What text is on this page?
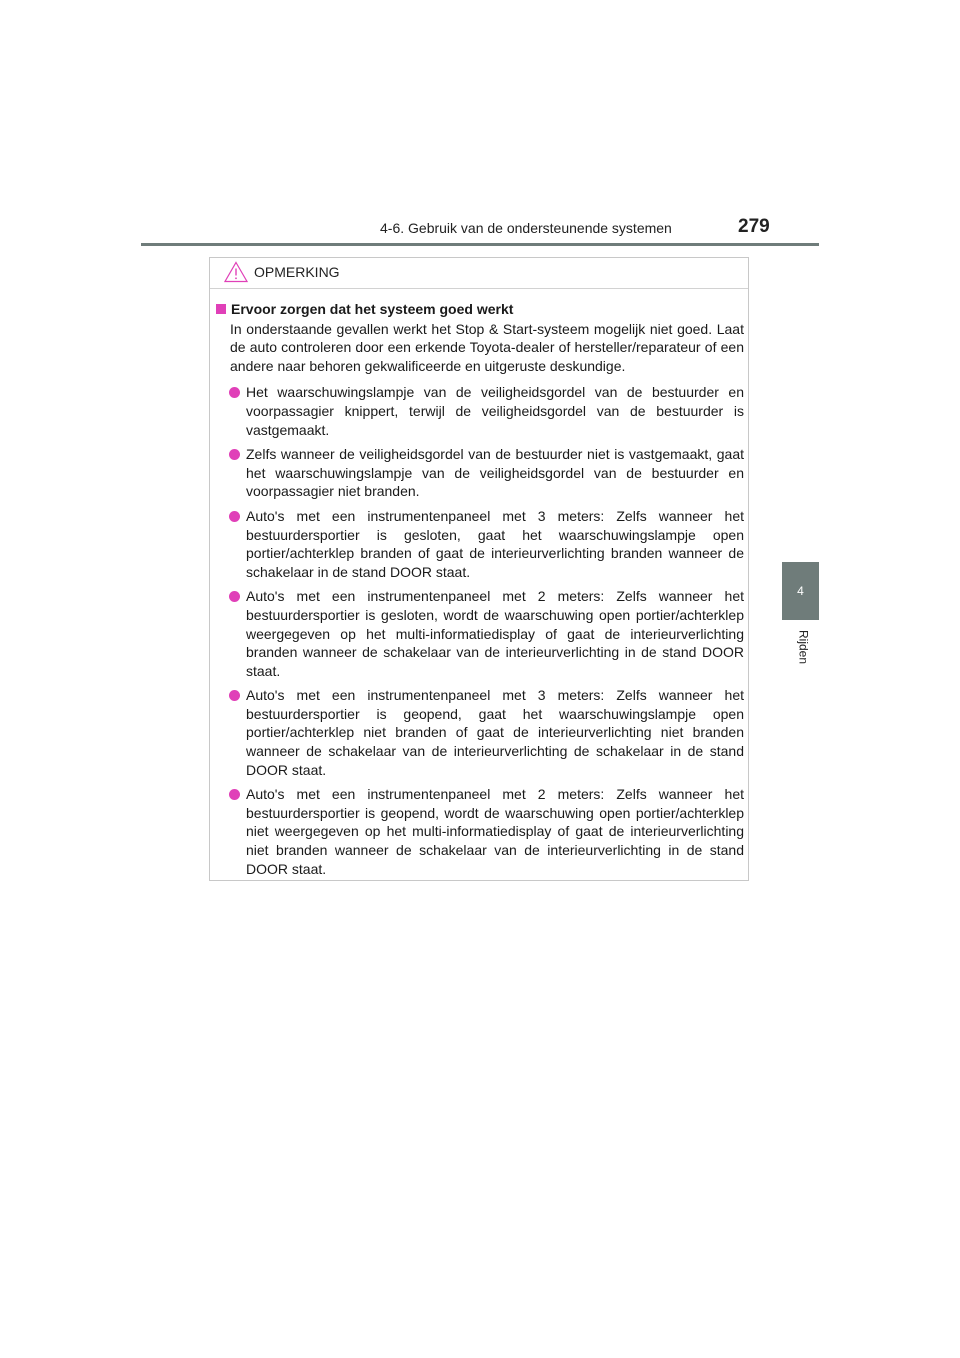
4-6. Gebruik van de ondersteunende systemen	279
4
Rijden
OPMERKING
Ervoor zorgen dat het systeem goed werkt
In onderstaande gevallen werkt het Stop & Start-systeem mogelijk niet goed. Laat de auto controleren door een erkende Toyota-dealer of hersteller/reparateur of een andere naar behoren gekwalificeerde en uitgeruste deskundige.
Het waarschuwingslampje van de veiligheidsgordel van de bestuurder en voorpassagier knippert, terwijl de veiligheidsgordel van de bestuurder is vastgemaakt.
Zelfs wanneer de veiligheidsgordel van de bestuurder niet is vastgemaakt, gaat het waarschuwingslampje van de veiligheidsgordel van de bestuurder en voorpassagier niet branden.
Auto's met een instrumentenpaneel met 3 meters: Zelfs wanneer het bestuurdersportier is gesloten, gaat het waarschuwingslampje open portier/achterklep branden of gaat de interieurverlichting branden wanneer de schakelaar in de stand DOOR staat.
Auto's met een instrumentenpaneel met 2 meters: Zelfs wanneer het bestuurdersportier is gesloten, wordt de waarschuwing open portier/achterklep weergegeven op het multi-informatiedisplay of gaat de interieurverlichting branden wanneer de schakelaar van de interieurverlichting in de stand DOOR staat.
Auto's met een instrumentenpaneel met 3 meters: Zelfs wanneer het bestuurdersportier is geopend, gaat het waarschuwingslampje open portier/achterklep niet branden of gaat de interieurverlichting niet branden wanneer de schakelaar van de interieurverlichting de schakelaar in de stand DOOR staat.
Auto's met een instrumentenpaneel met 2 meters: Zelfs wanneer het bestuurdersportier is geopend, wordt de waarschuwing open portier/achterklep niet weergegeven op het multi-informatiedisplay of gaat de interieurverlichting niet branden wanneer de schakelaar van de interieurverlichting in de stand DOOR staat.
